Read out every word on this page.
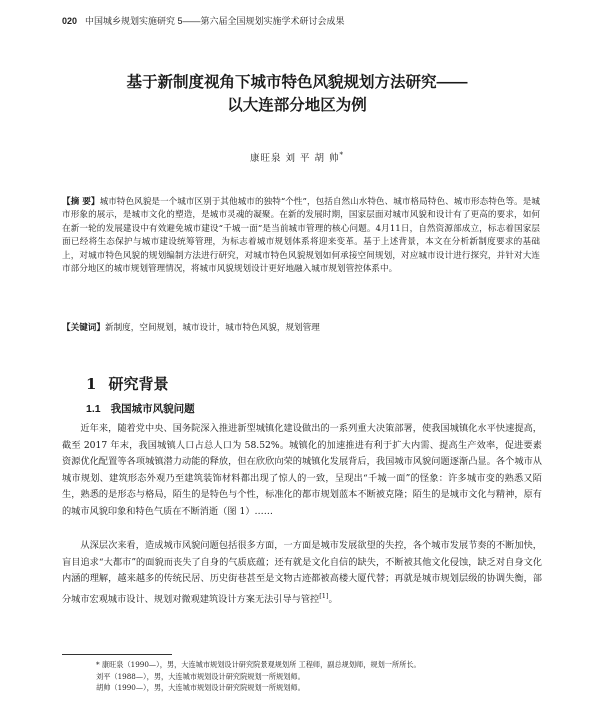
020 中国城乡规划实施研究 5——第六届全国规划实施学术研讨会成果
基于新制度视角下城市特色风貌规划方法研究——
以大连部分地区为例
康旺泉 刘 平 胡 帅*
【摘 要】城市特色风貌是一个城市区别于其他城市的独特“个性”，包括自然山水特色、城市格局特色、城市形态特色等。是城市形象的展示，是城市文化的塑造，是城市灵魂的凝聚。在新的发展时期，国家层面对城市风貌和设计有了更高的要求，如何在新一轮的发展建设中有效避免城市建设“千城一面”是当前城市管理的核心问题。4月11日，自然资源部成立，标志着国家层面已经将生态保护与城市建设统筹管理，为标志着城市规划体系将迎来变革。基于上述背景，本文在分析新制度要求的基础上，对城市特色风貌的规划编制方法进行研究，对城市特色风貌规划如何承接空间规划，对应城市设计进行探究，并针对大连市部分地区的城市规划管理情况，将城市风貌规划设计更好地融入城市规划管控体系中。
【关键词】新制度，空间规划，城市设计，城市特色风貌，规划管理
1 研究背景
1.1 我国城市风貌问题
近年来，随着党中央、国务院深入推进新型城镇化建设做出的一系列重大决策部署，使我国城镇化水平快速提高，截至 2017 年末，我国城镇人口占总人口为 58.52%。城镇化的加速推进有利于扩大内需、提高生产效率，促进要素资源优化配置等各项城镇潜力动能的释放，但在欣欣向荣的城镇化发展背后，我国城市风貌问题逐渐凸显。各个城市从城市规划、建筑形态外观乃至建筑装饰材料都出现了惊人的一致，呈现出“千城一面”的怪象：许多城市变的熟悉又陌生，熟悉的是形态与格局，陌生的是特色与个性，标准化的都市规划蓝本不断被克隆；陌生的是城市文化与精神，原有的城市风貌印象和特色气质在不断消逝（图 1）……
从深层次来看，造成城市风貌问题包括很多方面，一方面是城市发展欲望的失控，各个城市发展节奏的不断加快，盲目追求“大都市”的面貌而丧失了自身的气质底蕴；还有就是文化自信的缺失，不断被其他文化侵蚀，缺乏对自身文化内涵的理解，越来越多的传统民居、历史街巷甚至是文物古迹都被高楼大厦代替；再就是城市规划层级的协调失衡，部分城市宏观城市设计、规划对微观建筑设计方案无法引导与管控[1]。
* 康旺泉（1990—），男，大连城市规划设计研究院景观规划所 工程师，副总规划师，规划一所所长。
刘平（1988—），男，大连城市规划设计研究院规划一所规划师。
胡帅（1990—），男，大连城市规划设计研究院规划一所规划师。
